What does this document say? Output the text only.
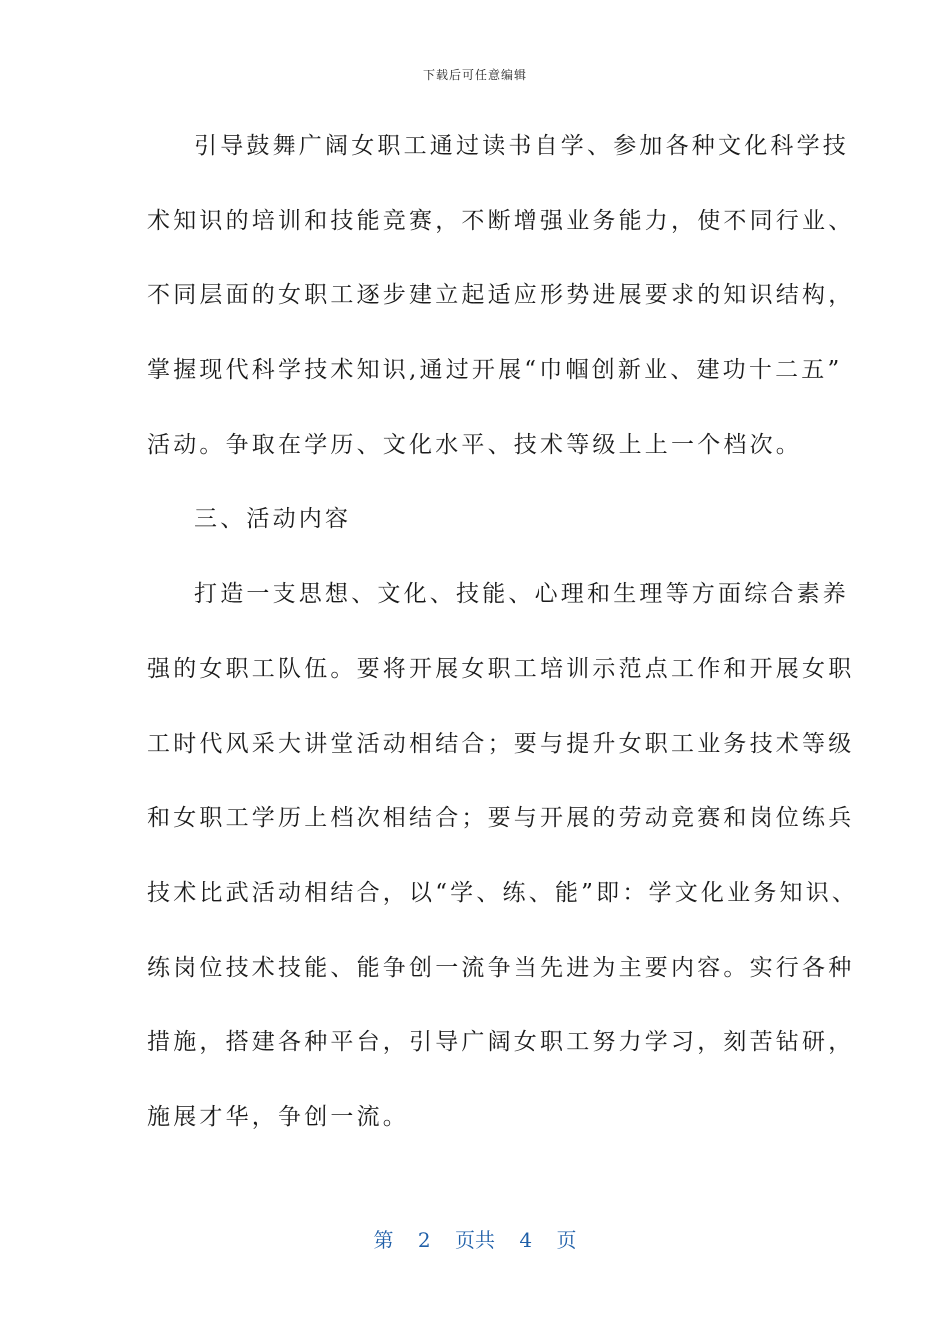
下载后可任意编辑
引导鼓舞广阔女职工通过读书自学、参加各种文化科学技
术知识的培训和技能竞赛，不断增强业务能力，使不同行业、
不同层面的女职工逐步建立起适应形势进展要求的知识结构，
掌握现代科学技术知识,通过开展“巾帼创新业、建功十二五”
活动。争取在学历、文化水平、技术等级上上一个档次。
三、活动内容
打造一支思想、文化、技能、心理和生理等方面综合素养
强的女职工队伍。要将开展女职工培训示范点工作和开展女职
工时代风采大讲堂活动相结合；要与提升女职工业务技术等级
和女职工学历上档次相结合；要与开展的劳动竞赛和岗位练兵
技术比武活动相结合，以“学、练、能”即：学文化业务知识、
练岗位技术技能、能争创一流争当先进为主要内容。实行各种
措施，搭建各种平台，引导广阔女职工努力学习，刻苦钻研，
施展才华，争创一流。
第 2 页共 4 页
